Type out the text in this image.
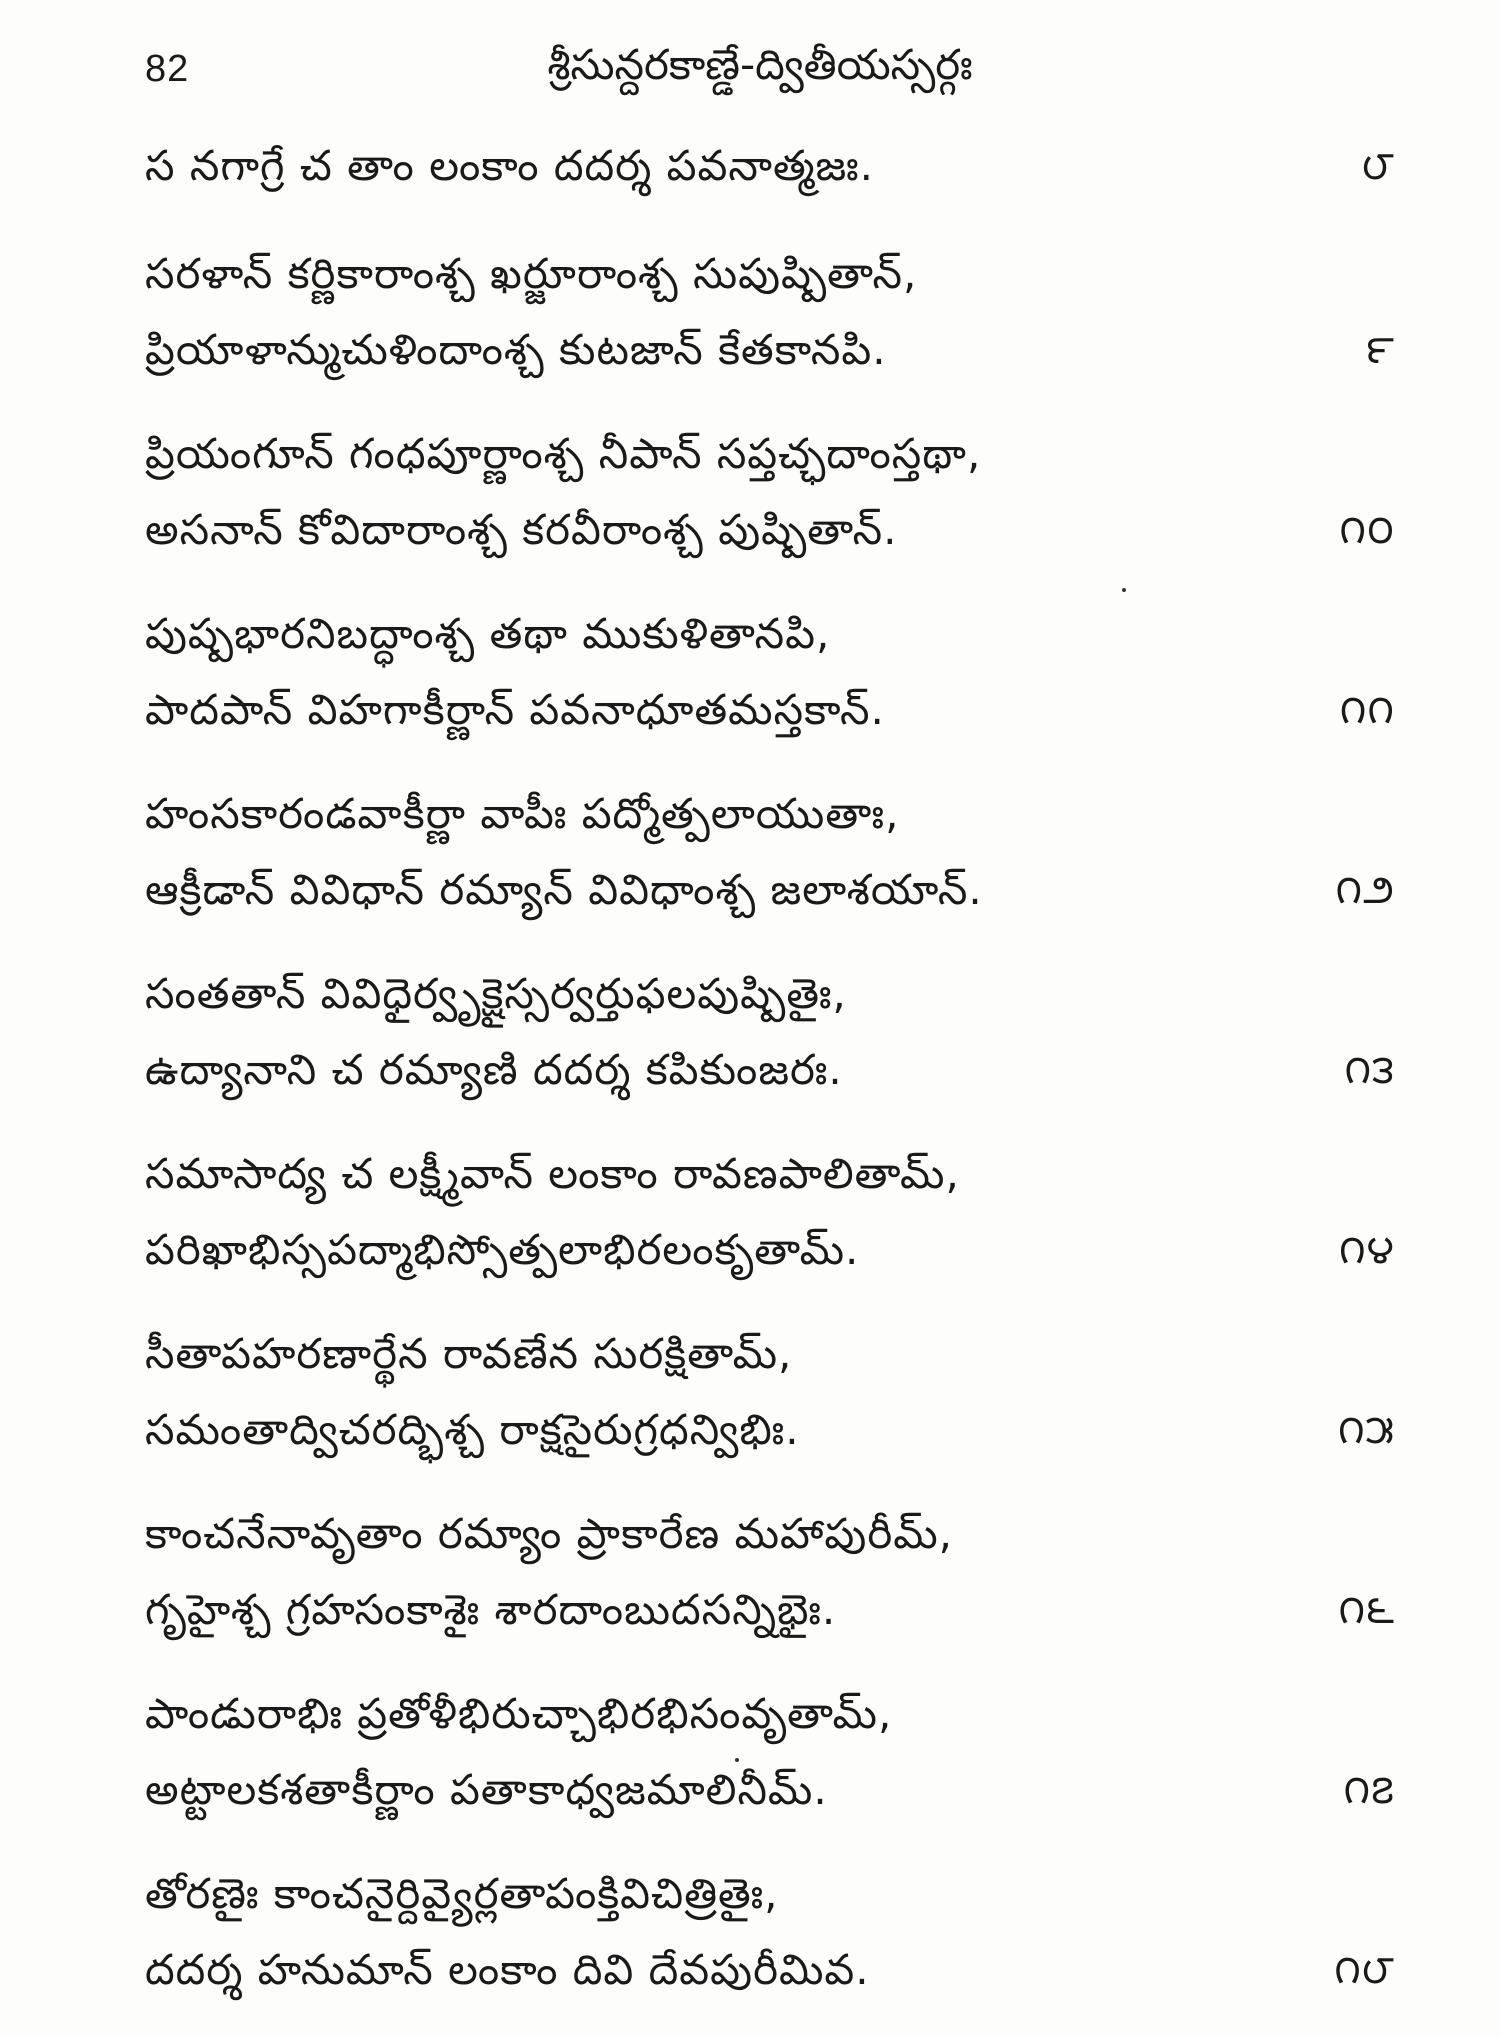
82	శ్రీసున్దరకాణ్డే-ద్వితీయస్సర్గః
స నగాగ్రే చ తాం లంకాం దదర్శ పవనాత్మజః.	౮
సరళాన్ కర్ణికారాంశ్చ ఖర్జూరాంశ్చ సుపుష్పితాన్,
ప్రియాళాన్ముచుళిందాంశ్చ కుటజాన్ కేతకానపి.	౯
ప్రియంగూన్ గంధపూర్ణాంశ్చ నీపాన్ సప్తచ్ఛదాంస్తథా,
అసనాన్ కోవిదారాంశ్చ కరవీరాంశ్చ పుష్పితాన్.	౧౦
పుష్పభారనిబద్ధాంశ్చ తథా ముకుళితానపి,
పాదపాన్ విహగాకీర్ణాన్ పవనాధూతమస్తకాన్.	౧౧
హంసకారండవాకీర్ణా వాపీః పద్మోత్పలాయుతాః,
ఆక్రీడాన్ వివిధాన్ రమ్యాన్ వివిధాంశ్చ జలాశయాన్.	౧౨
సంతతాన్ వివిధైర్వృక్షైస్సర్వర్తుఫలపుష్పితైః,
ఉద్యానాని చ రమ్యాణి దదర్శ కపికుంజరః.	౧౩
సమాసాద్య చ లక్ష్మీవాన్ లంకాం రావణపాలితామ్,
పరిఖాభిస్సపద్మాభిస్సోత్పలాభిరలంకృతామ్.	౧౪
సీతాపహరణార్థేన రావణేన సురక్షితామ్,
సమంతాద్విచరద్భిశ్చ రాక్షసైరుగ్రధన్విభిః.	౧౫
కాంచనేనావృతాం రమ్యాం ప్రాకారేణ మహాపురీమ్,
గృహైశ్చ గ్రహసంకాశైః శారదాంబుదసన్నిభైః.	౧౬
పాండురాభిః ప్రతోళీభిరుచ్చాభిరభిసంవృతామ్,
అట్టాలకశతాకీర్ణాం పతాకాధ్వజమాలినీమ్.	౧౭
తోరణైః కాంచనైర్దివ్యైర్లతాపంక్తివిచిత్రితైః,
దదర్శ హనుమాన్ లంకాం దివి దేవపురీమివ.	౧౮
